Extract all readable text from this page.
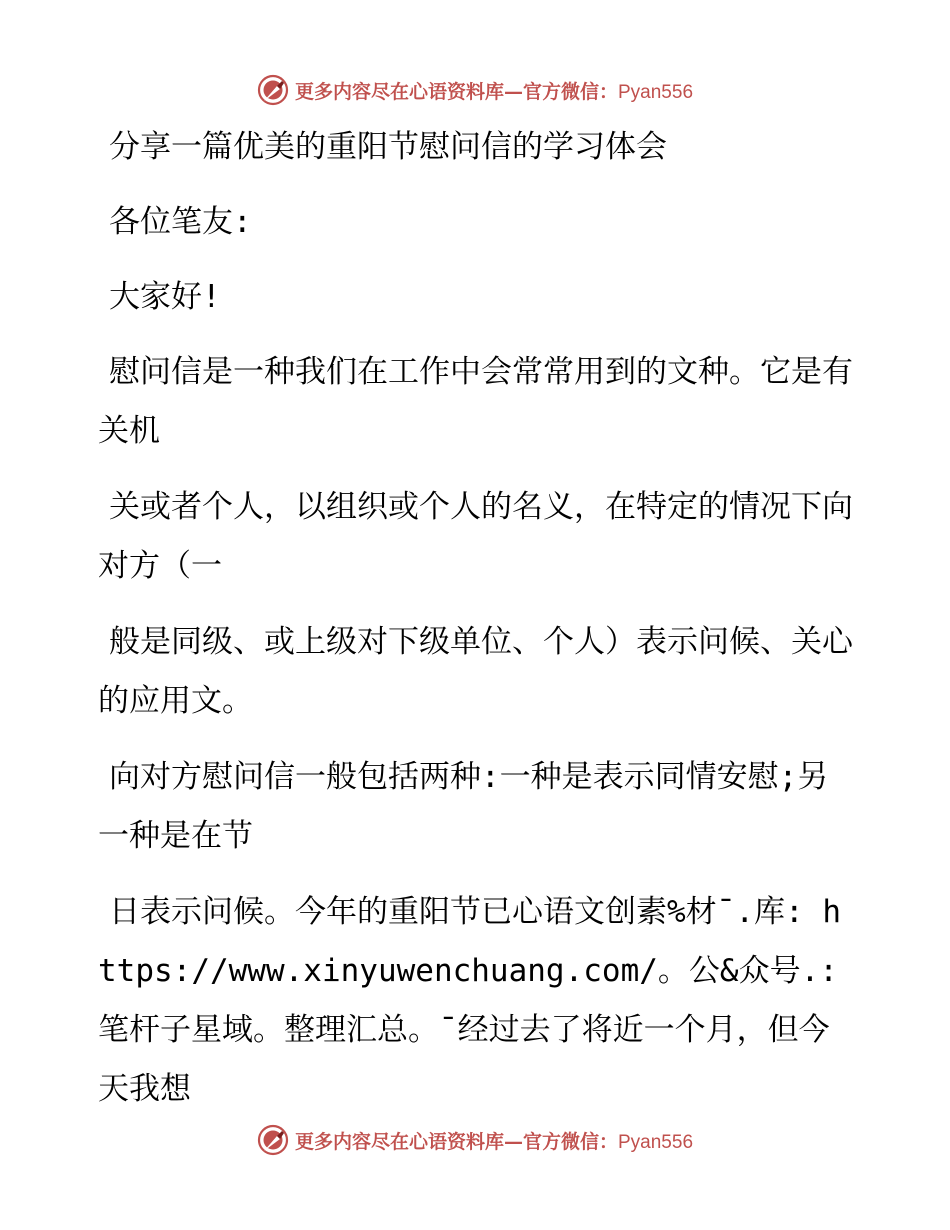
更多内容尽在心语资料库—官方微信：Pyan556

分享一篇优美的重阳节慰问信的学习体会

各位笔友:

大家好!

慰问信是一种我们在工作中会常常用到的文种。它是有关机

关或者个人，以组织或个人的名义，在特定的情况下向对方（一

般是同级、或上级对下级单位、个人）表示问候、关心的应用文。

向对方慰问信一般包括两种:一种是表示同情安慰;另一种是在节

日表示问候。今年的重阳节已心语文创素%材¯.库: https://www.xinyuwenchuang.com/。公&众号.: 笔杆子星域。整理汇总。¯经过去了将近一个月，但今天我想

更多内容尽在心语资料库—官方微信：Pyan556
